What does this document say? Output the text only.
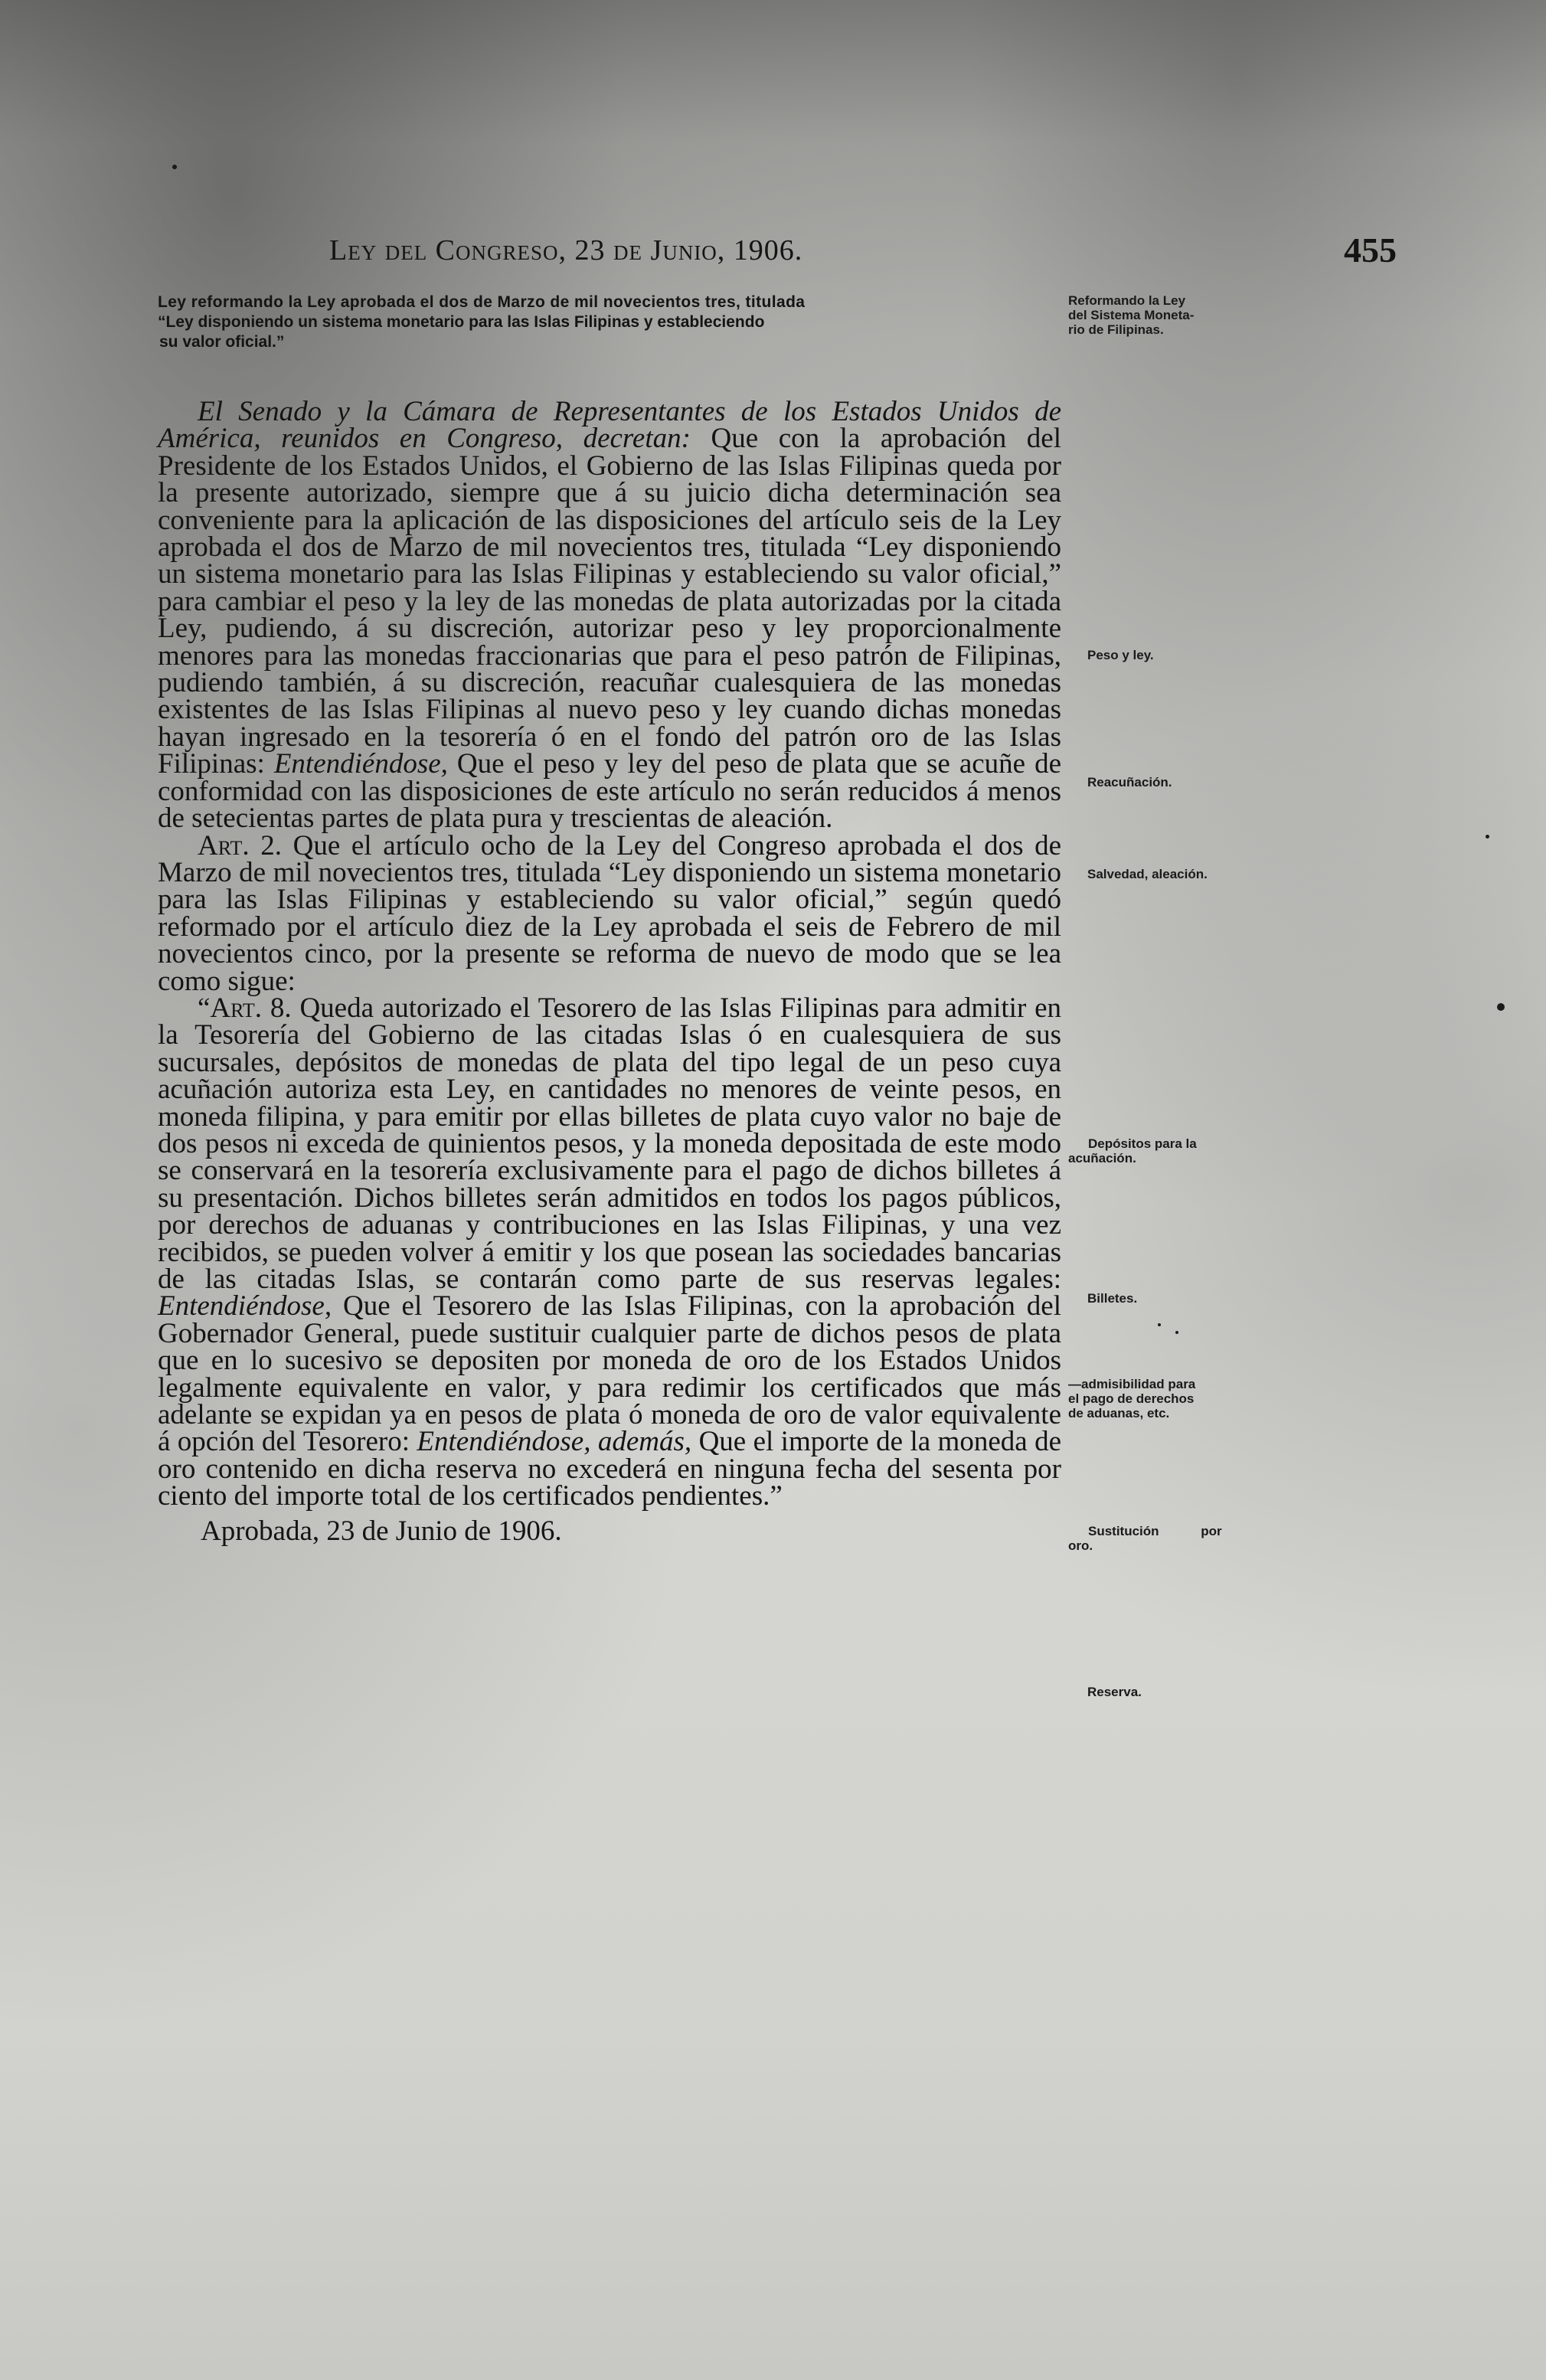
Ley del Congreso, 23 de Junio, 1906.	455
Ley reformando la Ley aprobada el dos de Marzo de mil novecientos tres, titulada
“Ley disponiendo un sistema monetario para las Islas Filipinas y estableciendo
su valor oficial.”
Reformando la Ley
del Sistema Moneta-
rio de Filipinas.
Peso y ley.
Reacuñación.
Salvedad, aleación.
Depósitos para la
acuñación.
Billetes.
—admisibilidad para
el pago de derechos
de aduanas, etc.
Sustitución por
oro.
Reserva.

El Senado y la Cámara de Representantes de los Estados Unidos de América, reunidos en Congreso, decretan: Que con la aprobación del Presidente de los Estados Unidos, el Gobierno de las Islas Filipinas queda por la presente autorizado, siempre que á su juicio dicha determinación sea conveniente para la aplicación de las disposiciones del artículo seis de la Ley aprobada el dos de Marzo de mil novecientos tres, titulada “Ley disponiendo un sistema monetario para las Islas Filipinas y estableciendo su valor oficial,” para cambiar el peso y la ley de las monedas de plata autorizadas por la citada Ley, pudiendo, á su discreción, autorizar peso y ley proporcionalmente menores para las monedas fraccionarias que para el peso patrón de Filipinas, pudiendo también, á su discreción, reacuñar cualesquiera de las monedas existentes de las Islas Filipinas al nuevo peso y ley cuando dichas monedas hayan ingresado en la tesorería ó en el fondo del patrón oro de las Islas Filipinas: Entendiéndose, Que el peso y ley del peso de plata que se acuñe de conformidad con las disposiciones de este artículo no serán reducidos á menos de setecientas partes de plata pura y trescientas de aleación.

Art. 2. Que el artículo ocho de la Ley del Congreso aprobada el dos de Marzo de mil novecientos tres, titulada “Ley disponiendo un sistema monetario para las Islas Filipinas y estableciendo su valor oficial,” según quedó reformado por el artículo diez de la Ley aprobada el seis de Febrero de mil novecientos cinco, por la presente se reforma de nuevo de modo que se lea como sigue:

“Art. 8. Queda autorizado el Tesorero de las Islas Filipinas para admitir en la Tesorería del Gobierno de las citadas Islas ó en cualesquiera de sus sucursales, depósitos de monedas de plata del tipo legal de un peso cuya acuñación autoriza esta Ley, en cantidades no menores de veinte pesos, en moneda filipina, y para emitir por ellas billetes de plata cuyo valor no baje de dos pesos ni exceda de quinientos pesos, y la moneda depositada de este modo se conservará en la tesorería exclusivamente para el pago de dichos billetes á su presentación. Dichos billetes serán admitidos en todos los pagos públicos, por derechos de aduanas y contribuciones en las Islas Filipinas, y una vez recibidos, se pueden volver á emitir y los que posean las sociedades bancarias de las citadas Islas, se contarán como parte de sus reservas legales: Entendiéndose, Que el Tesorero de las Islas Filipinas, con la aprobación del Gobernador General, puede sustituir cualquier parte de dichos pesos de plata que en lo sucesivo se depositen por moneda de oro de los Estados Unidos legalmente equivalente en valor, y para redimir los certificados que más adelante se expidan ya en pesos de plata ó moneda de oro de valor equivalente á opción del Tesorero: Entendiéndose, además, Que el importe de la moneda de oro contenido en dicha reserva no excederá en ninguna fecha del sesenta por ciento del importe total de los certificados pendientes.”

Aprobada, 23 de Junio de 1906.
